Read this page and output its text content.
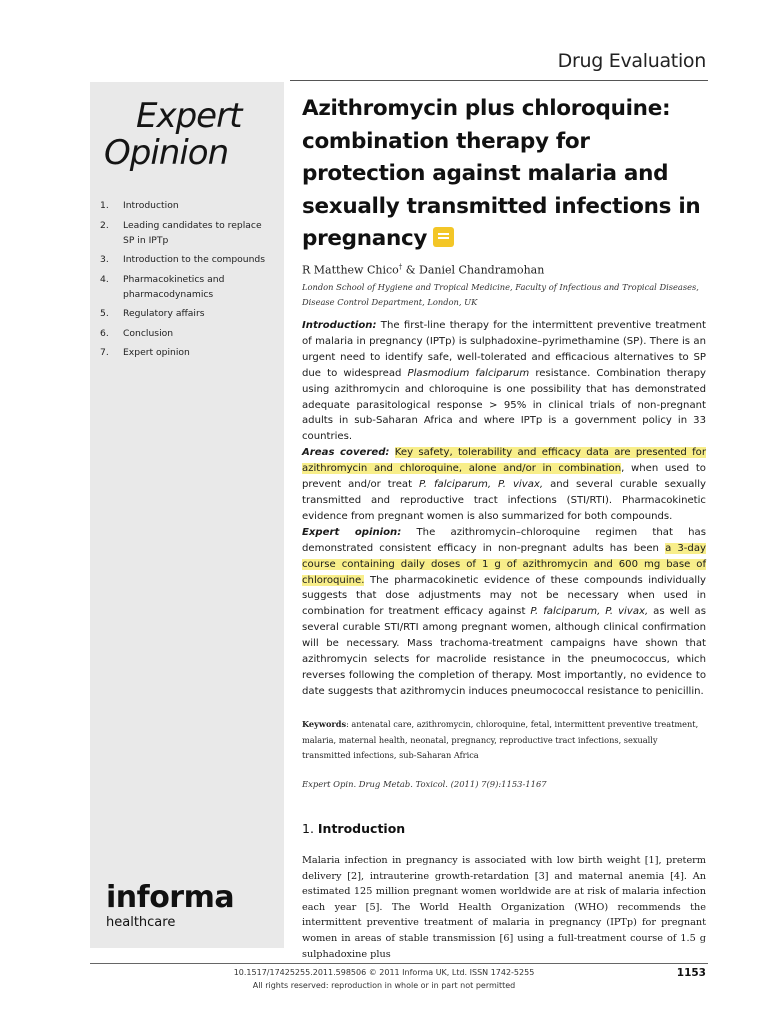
Drug Evaluation
Expert
Opinion
1.	Introduction
2.	Leading candidates to replace SP in IPTp
3.	Introduction to the compounds
4.	Pharmacokinetics and pharmacodynamics
5.	Regulatory affairs
6.	Conclusion
7.	Expert opinion
informa
healthcare
Azithromycin plus chloroquine: combination therapy for protection against malaria and sexually transmitted infections in pregnancy
R Matthew Chico† & Daniel Chandramohan
London School of Hygiene and Tropical Medicine, Faculty of Infectious and Tropical Diseases, Disease Control Department, London, UK

Introduction: The first-line therapy for the intermittent preventive treatment of malaria in pregnancy (IPTp) is sulphadoxine–pyrimethamine (SP). There is an urgent need to identify safe, well-tolerated and efficacious alternatives to SP due to widespread Plasmodium falciparum resistance. Combination therapy using azithromycin and chloroquine is one possibility that has demonstrated adequate parasitological response > 95% in clinical trials of non-pregnant adults in sub-Saharan Africa and where IPTp is a government policy in 33 countries.

Areas covered: Key safety, tolerability and efficacy data are presented for azithromycin and chloroquine, alone and/or in combination, when used to prevent and/or treat P. falciparum, P. vivax, and several curable sexually transmitted and reproductive tract infections (STI/RTI). Pharmacokinetic evidence from pregnant women is also summarized for both compounds.

Expert opinion: The azithromycin–chloroquine regimen that has demonstrated consistent efficacy in non-pregnant adults has been a 3-day course containing daily doses of 1 g of azithromycin and 600 mg base of chloroquine. The pharmacokinetic evidence of these compounds individually suggests that dose adjustments may not be necessary when used in combination for treatment efficacy against P. falciparum, P. vivax, as well as several curable STI/RTI among pregnant women, although clinical confirmation will be necessary. Mass trachoma-treatment campaigns have shown that azithromycin selects for macrolide resistance in the pneumococcus, which reverses following the completion of therapy. Most importantly, no evidence to date suggests that azithromycin induces pneumococcal resistance to penicillin.

Keywords: antenatal care, azithromycin, chloroquine, fetal, intermittent preventive treatment, malaria, maternal health, neonatal, pregnancy, reproductive tract infections, sexually transmitted infections, sub-Saharan Africa
Expert Opin. Drug Metab. Toxicol. (2011) 7(9):1153-1167
1. Introduction
Malaria infection in pregnancy is associated with low birth weight [1], preterm delivery [2], intrauterine growth-retardation [3] and maternal anemia [4]. An estimated 125 million pregnant women worldwide are at risk of malaria infection each year [5]. The World Health Organization (WHO) recommends the intermittent preventive treatment of malaria in pregnancy (IPTp) for pregnant women in areas of stable transmission [6] using a full-treatment course of 1.5 g sulphadoxine plus
10.1517/17425255.2011.598506 © 2011 Informa UK, Ltd. ISSN 1742-5255
All rights reserved: reproduction in whole or in part not permitted
1153
